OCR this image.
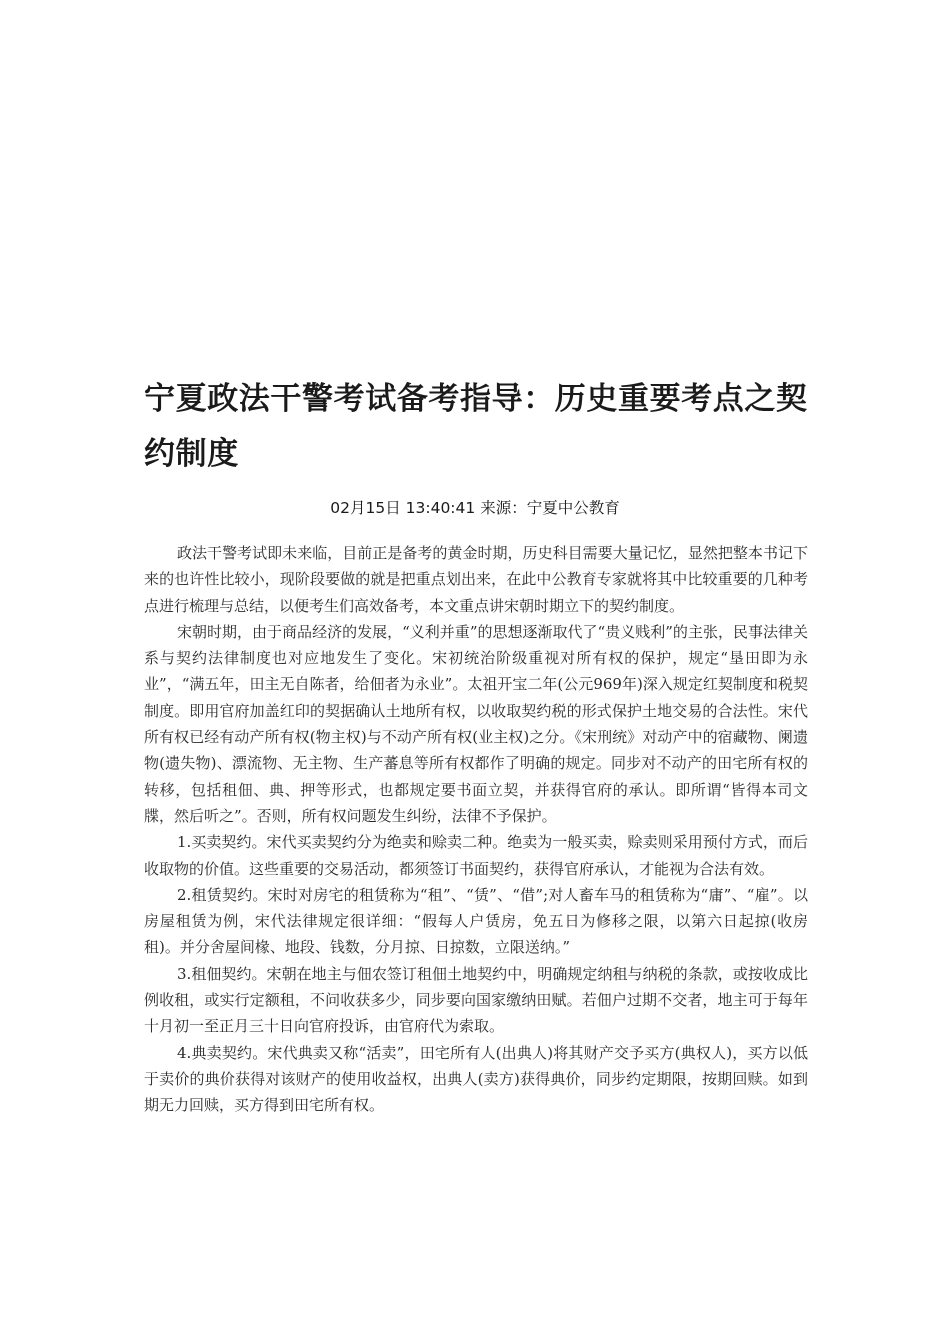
宁夏政法干警考试备考指导：历史重要考点之契约制度
02月15日 13:40:41 来源：宁夏中公教育

政法干警考试即未来临，目前正是备考的黄金时期，历史科目需要大量记忆，显然把整本书记下来的也许性比较小，现阶段要做的就是把重点划出来，在此中公教育专家就将其中比较重要的几种考点进行梳理与总结，以便考生们高效备考，本文重点讲宋朝时期立下的契约制度。

宋朝时期，由于商品经济的发展，“义利并重”的思想逐渐取代了“贵义贱利”的主张，民事法律关系与契约法律制度也对应地发生了变化。宋初统治阶级重视对所有权的保护，规定“垦田即为永业”，“满五年，田主无自陈者，给佃者为永业”。太祖开宝二年(公元969年)深入规定红契制度和税契制度。即用官府加盖红印的契据确认土地所有权，以收取契约税的形式保护土地交易的合法性。宋代所有权已经有动产所有权(物主权)与不动产所有权(业主权)之分。《宋刑统》对动产中的宿藏物、阑遗物(遗失物)、漂流物、无主物、生产蕃息等所有权都作了明确的规定。同步对不动产的田宅所有权的转移，包括租佃、典、押等形式，也都规定要书面立契，并获得官府的承认。即所谓“皆得本司文牒，然后听之”。否则，所有权问题发生纠纷，法律不予保护。

1.买卖契约。宋代买卖契约分为绝卖和赊卖二种。绝卖为一般买卖，赊卖则采用预付方式，而后收取物的价值。这些重要的交易活动，都须签订书面契约，获得官府承认，才能视为合法有效。

2.租赁契约。宋时对房宅的租赁称为“租”、“赁”、“借”;对人畜车马的租赁称为“庸”、“雇”。以房屋租赁为例，宋代法律规定很详细：“假每人户赁房，免五日为修移之限，以第六日起掠(收房租)。并分舍屋间椽、地段、钱数，分月掠、日掠数，立限送纳。”

3.租佃契约。宋朝在地主与佃农签订租佃土地契约中，明确规定纳租与纳税的条款，或按收成比例收租，或实行定额租，不问收获多少，同步要向国家缴纳田赋。若佃户过期不交者，地主可于每年十月初一至正月三十日向官府投诉，由官府代为索取。

4.典卖契约。宋代典卖又称“活卖”，田宅所有人(出典人)将其财产交予买方(典权人)，买方以低于卖价的典价获得对该财产的使用收益权，出典人(卖方)获得典价，同步约定期限，按期回赎。如到期无力回赎，买方得到田宅所有权。
